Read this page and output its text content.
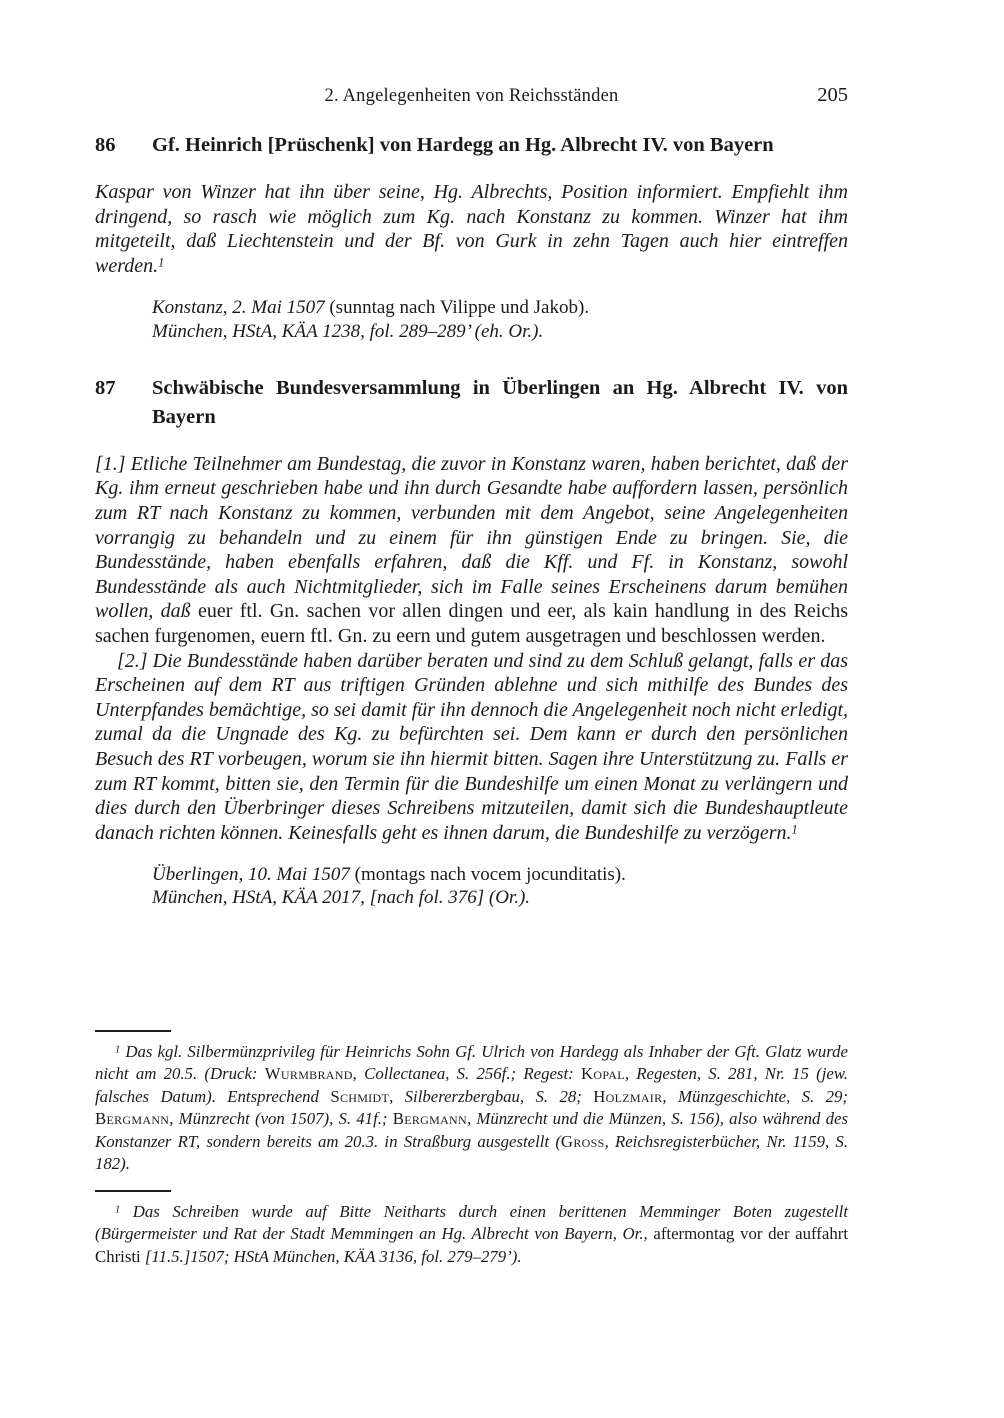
2. Angelegenheiten von Reichsständen	205
86	Gf. Heinrich [Prüschenk] von Hardegg an Hg. Albrecht IV. von Bayern

Kaspar von Winzer hat ihn über seine, Hg. Albrechts, Position informiert. Empfiehlt ihm dringend, so rasch wie möglich zum Kg. nach Konstanz zu kommen. Winzer hat ihm mitgeteilt, daß Liechtenstein und der Bf. von Gurk in zehn Tagen auch hier eintreffen werden.$^1$

Konstanz, 2. Mai 1507 (sunntag nach Vilippe und Jakob).

München, HStA, KÄA 1238, fol. 289–289’ (eh. Or.).

87	Schwäbische Bundesversammlung in Überlingen an Hg. Albrecht IV. von Bayern

[1.] Etliche Teilnehmer am Bundestag, die zuvor in Konstanz waren, haben berichtet, daß der Kg. ihm erneut geschrieben habe und ihn durch Gesandte habe auffordern lassen, persönlich zum RT nach Konstanz zu kommen, verbunden mit dem Angebot, seine Angelegenheiten vorrangig zu behandeln und zu einem für ihn günstigen Ende zu bringen. Sie, die Bundesstände, haben ebenfalls erfahren, daß die Kff. und Ff. in Konstanz, sowohl Bundesstände als auch Nichtmitglieder, sich im Falle seines Erscheinens darum bemühen wollen, daß euer ftl. Gn. sachen vor allen dingen und eer, als kain handlung in des Reichs sachen furgenomen, euern ftl. Gn. zu eern und gutem ausgetragen und beschlossen werden.

[2.] Die Bundesstände haben darüber beraten und sind zu dem Schluß gelangt, falls er das Erscheinen auf dem RT aus triftigen Gründen ablehne und sich mithilfe des Bundes des Unterpfandes bemächtige, so sei damit für ihn dennoch die Angelegenheit noch nicht erledigt, zumal da die Ungnade des Kg. zu befürchten sei. Dem kann er durch den persönlichen Besuch des RT vorbeugen, worum sie ihn hiermit bitten. Sagen ihre Unterstützung zu. Falls er zum RT kommt, bitten sie, den Termin für die Bundeshilfe um einen Monat zu verlängern und dies durch den Überbringer dieses Schreibens mitzuteilen, damit sich die Bundeshauptleute danach richten können. Keinesfalls geht es ihnen darum, die Bundeshilfe zu verzögern.$^1$

Überlingen, 10. Mai 1507 (montags nach vocem jocunditatis).

München, HStA, KÄA 2017, [nach fol. 376] (Or.).

$^1$ Das kgl. Silbermünzprivileg für Heinrichs Sohn Gf. Ulrich von Hardegg als Inhaber der Gft. Glatz wurde nicht am 20.5. (Druck: Wurmbrand, Collectanea, S. 256f.; Regest: Kopal, Regesten, S. 281, Nr. 15 (jew. falsches Datum). Entsprechend Schmidt, Silbererzbergbau, S. 28; Holzmair, Münzgeschichte, S. 29; Bergmann, Münzrecht (von 1507), S. 41f.; Bergmann, Münzrecht und die Münzen, S. 156), also während des Konstanzer RT, sondern bereits am 20.3. in Straßburg ausgestellt (Gross, Reichsregisterbücher, Nr. 1159, S. 182).

$^1$ Das Schreiben wurde auf Bitte Neitharts durch einen berittenen Memminger Boten zugestellt (Bürgermeister und Rat der Stadt Memmingen an Hg. Albrecht von Bayern, Or., aftermontag vor der auffahrt Christi [11.5.]1507; HStA München, KÄA 3136, fol. 279–279’).
